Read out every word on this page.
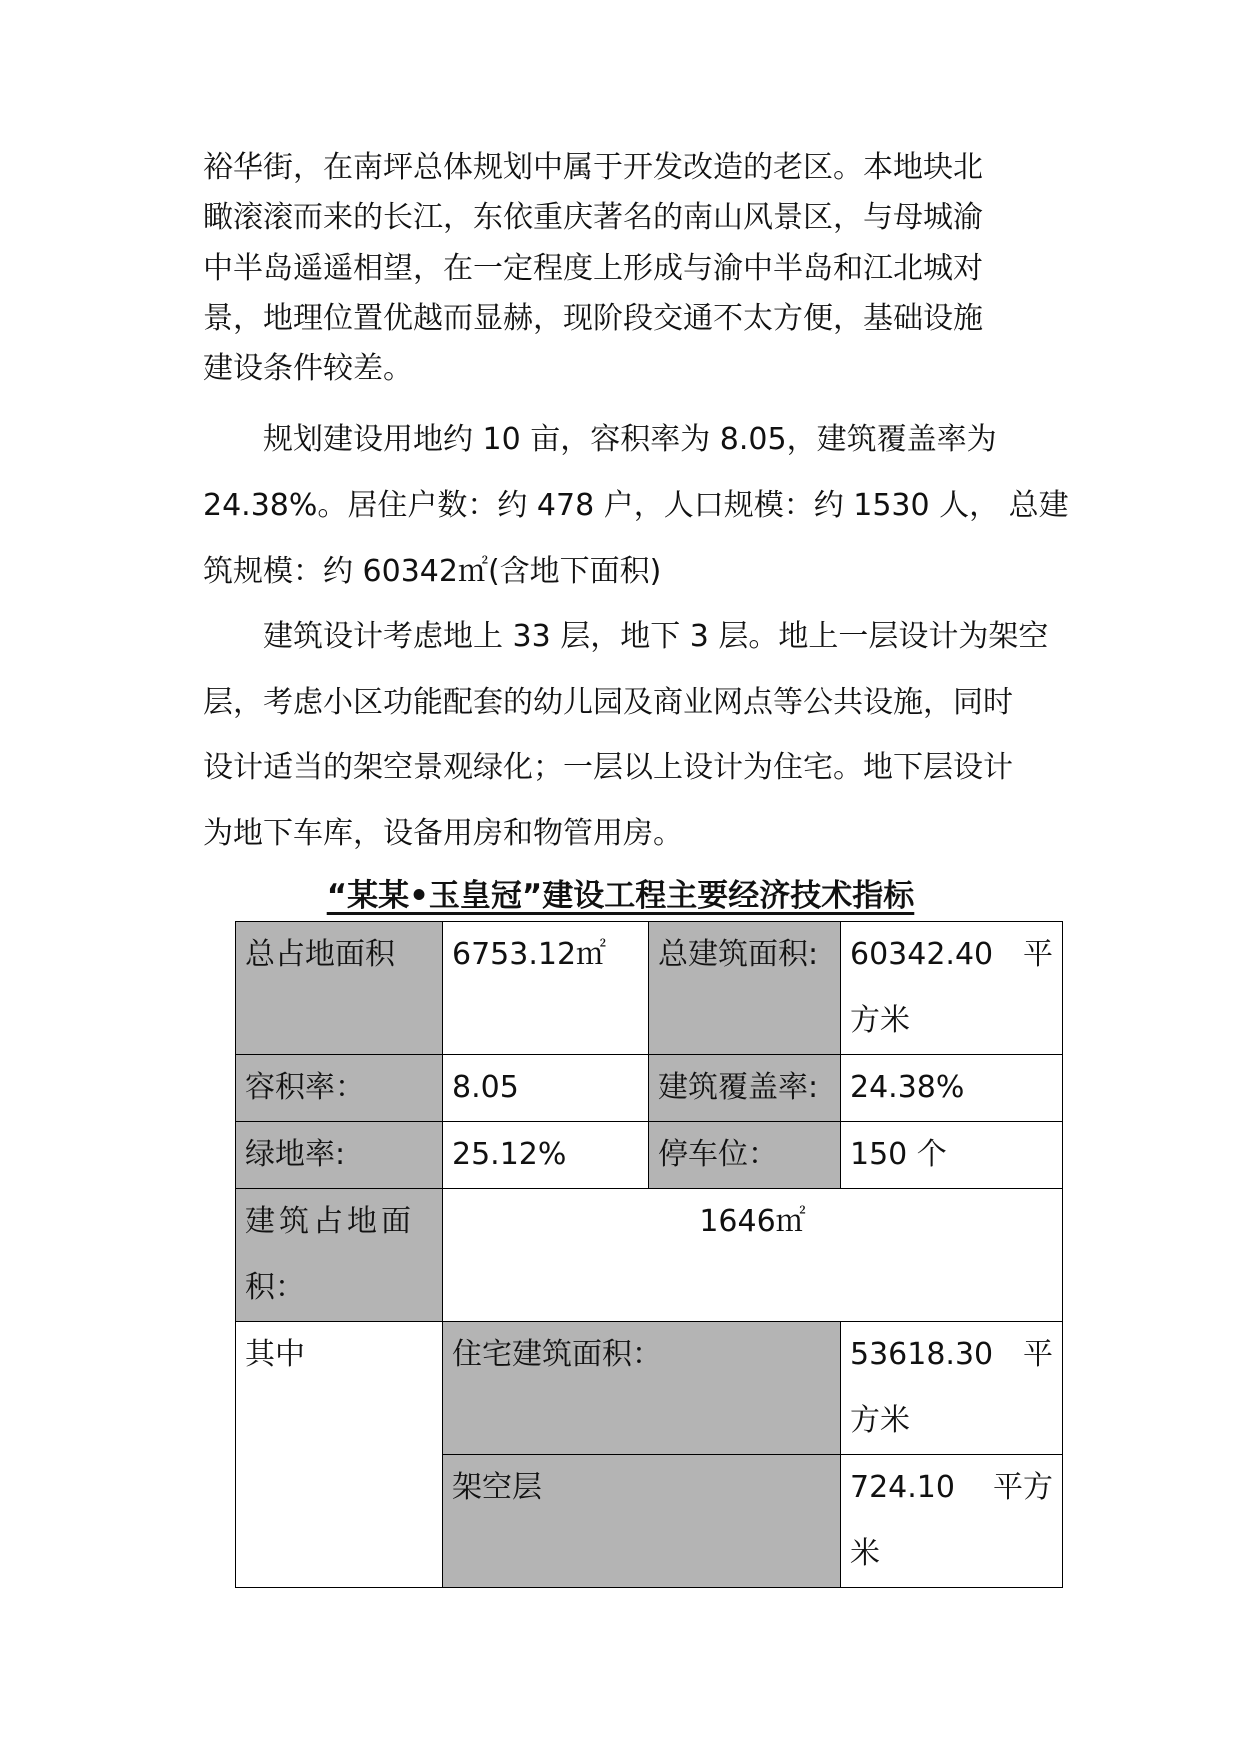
裕华街，在南坪总体规划中属于开发改造的老区。本地块北
瞰滚滚而来的长江，东依重庆著名的南山风景区，与母城渝
中半岛遥遥相望，在一定程度上形成与渝中半岛和江北城对
景，地理位置优越而显赫，现阶段交通不太方便，基础设施
建设条件较差。
规划建设用地约 10 亩，容积率为 8.05，建筑覆盖率为
24.38%。居住户数：约 478 户，人口规模：约 1530 人， 总建
筑规模：约 60342㎡(含地下面积)
建筑设计考虑地上 33 层，地下 3 层。地上一层设计为架空
层，考虑小区功能配套的幼儿园及商业网点等公共设施，同时
设计适当的架空景观绿化；一层以上设计为住宅。地下层设计
为地下车库，设备用房和物管用房。
“某某•玉皇冠”建设工程主要经济技术指标
总占地面积	6753.12㎡	总建筑面积:	60342.40 平
方米

容积率：	8.05	建筑覆盖率:	24.38%

绿地率:	25.12%	停车位：	150 个

建筑占地面
积：	1646㎡		

其中	住宅建筑面积：		53618.30 平
方米

	架空层		724.10 平方
米
